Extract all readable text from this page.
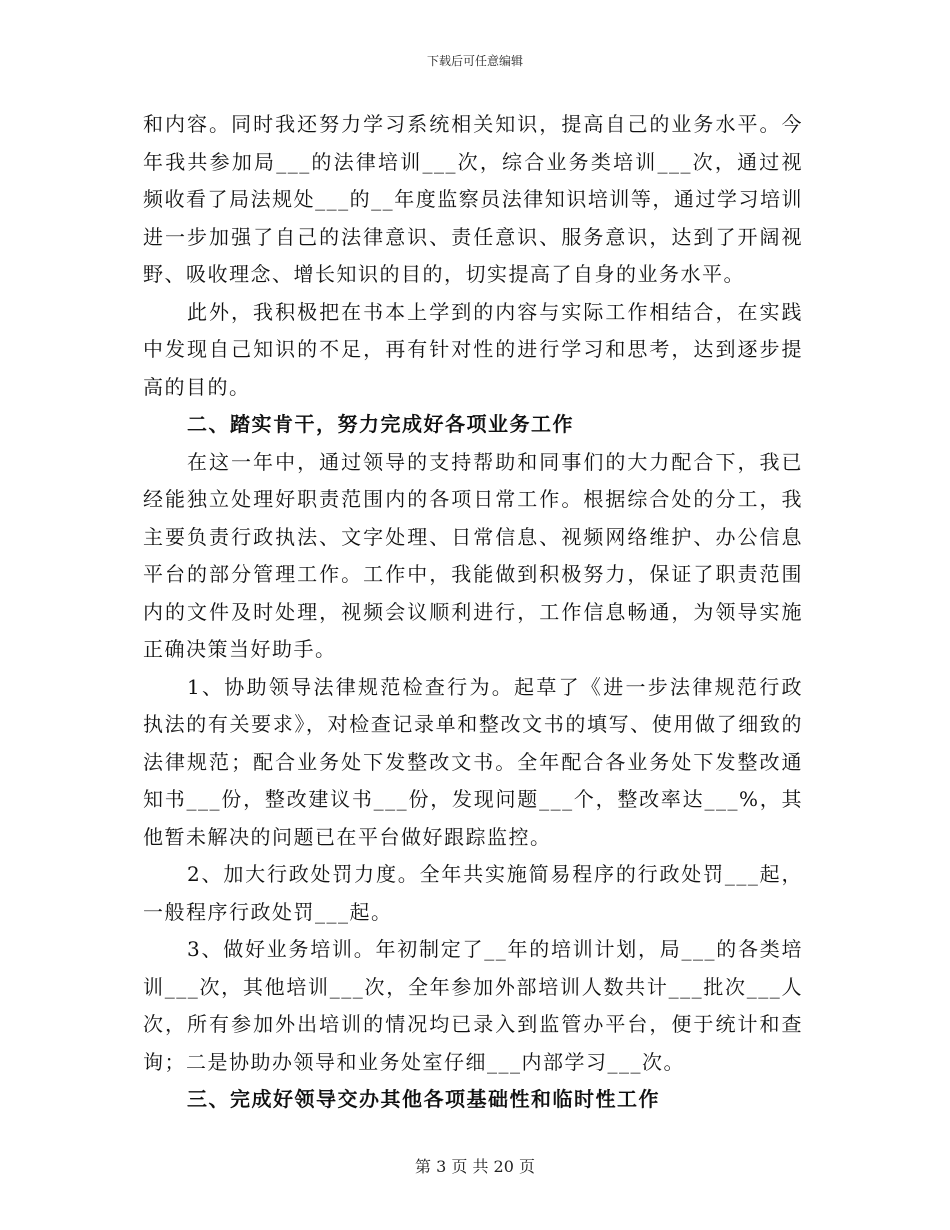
下载后可任意编辑

和内容。同时我还努力学习系统相关知识，提高自己的业务水平。今年我共参加局___的法律培训___次，综合业务类培训___次，通过视频收看了局法规处___的__年度监察员法律知识培训等，通过学习培训进一步加强了自己的法律意识、责任意识、服务意识，达到了开阔视野、吸收理念、增长知识的目的，切实提高了自身的业务水平。

此外，我积极把在书本上学到的内容与实际工作相结合，在实践中发现自己知识的不足，再有针对性的进行学习和思考，达到逐步提高的目的。

二、踏实肯干，努力完成好各项业务工作

在这一年中，通过领导的支持帮助和同事们的大力配合下，我已经能独立处理好职责范围内的各项日常工作。根据综合处的分工，我主要负责行政执法、文字处理、日常信息、视频网络维护、办公信息平台的部分管理工作。工作中，我能做到积极努力，保证了职责范围内的文件及时处理，视频会议顺利进行，工作信息畅通，为领导实施正确决策当好助手。

1、协助领导法律规范检查行为。起草了《进一步法律规范行政执法的有关要求》，对检查记录单和整改文书的填写、使用做了细致的法律规范；配合业务处下发整改文书。全年配合各业务处下发整改通知书___份，整改建议书___份，发现问题___个，整改率达___%，其他暂未解决的问题已在平台做好跟踪监控。

2、加大行政处罚力度。全年共实施简易程序的行政处罚___起，一般程序行政处罚___起。

3、做好业务培训。年初制定了__年的培训计划，局___的各类培训___次，其他培训___次，全年参加外部培训人数共计___批次___人次，所有参加外出培训的情况均已录入到监管办平台，便于统计和查询；二是协助办领导和业务处室仔细___内部学习___次。

三、完成好领导交办其他各项基础性和临时性工作

第 3 页 共 20 页
